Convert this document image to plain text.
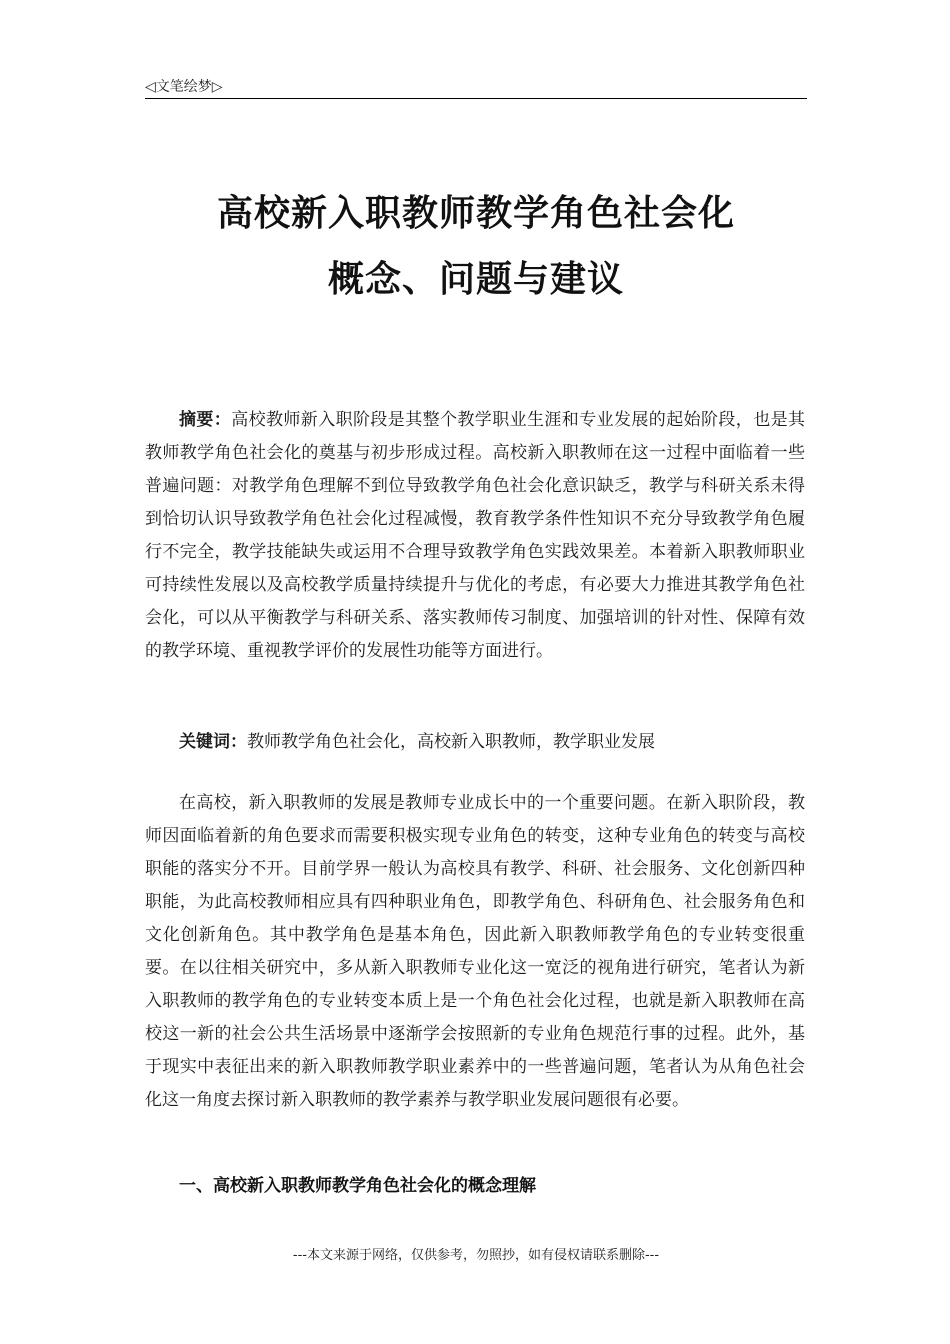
◁文笔绘梦▷
高校新入职教师教学角色社会化
概念、问题与建议
摘要：高校教师新入职阶段是其整个教学职业生涯和专业发展的起始阶段，也是其教师教学角色社会化的奠基与初步形成过程。高校新入职教师在这一过程中面临着一些普遍问题：对教学角色理解不到位导致教学角色社会化意识缺乏，教学与科研关系未得到恰切认识导致教学角色社会化过程减慢，教育教学条件性知识不充分导致教学角色履行不完全，教学技能缺失或运用不合理导致教学角色实践效果差。本着新入职教师职业可持续性发展以及高校教学质量持续提升与优化的考虑，有必要大力推进其教学角色社会化，可以从平衡教学与科研关系、落实教师传习制度、加强培训的针对性、保障有效的教学环境、重视教学评价的发展性功能等方面进行。
关键词：教师教学角色社会化，高校新入职教师，教学职业发展
在高校，新入职教师的发展是教师专业成长中的一个重要问题。在新入职阶段，教师因面临着新的角色要求而需要积极实现专业角色的转变，这种专业角色的转变与高校职能的落实分不开。目前学界一般认为高校具有教学、科研、社会服务、文化创新四种职能，为此高校教师相应具有四种职业角色，即教学角色、科研角色、社会服务角色和文化创新角色。其中教学角色是基本角色，因此新入职教师教学角色的专业转变很重要。在以往相关研究中，多从新入职教师专业化这一宽泛的视角进行研究，笔者认为新入职教师的教学角色的专业转变本质上是一个角色社会化过程，也就是新入职教师在高校这一新的社会公共生活场景中逐渐学会按照新的专业角色规范行事的过程。此外，基于现实中表征出来的新入职教师教学职业素养中的一些普遍问题，笔者认为从角色社会化这一角度去探讨新入职教师的教学素养与教学职业发展问题很有必要。
一、高校新入职教师教学角色社会化的概念理解
---本文来源于网络，仅供参考，勿照抄，如有侵权请联系删除---
